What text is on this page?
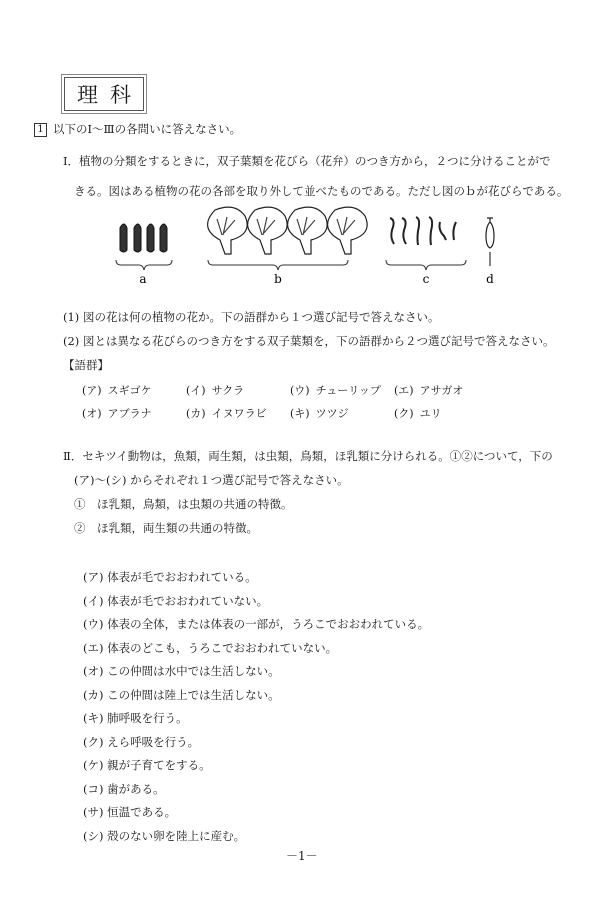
理科
1 以下のⅠ～Ⅲの各問いに答えなさい。
Ⅰ．植物の分類をするときに，双子葉類を花びら（花弁）のつき方から，２つに分けることがで
きる。図はある植物の花の各部を取り外して並べたものである。ただし図のｂが花びらである。
a	b	c	d
(1) 図の花は何の植物の花か。下の語群から１つ選び記号で答えなさい。
(2) 図とは異なる花びらのつき方をする双子葉類を，下の語群から２つ選び記号で答えなさい。
【語群】
(ア) スギゴケ	(イ) サクラ	(ウ) チューリップ	(エ) アサガオ
(オ) アブラナ	(カ) イヌワラビ	(キ) ツツジ	(ク) ユリ
Ⅱ．セキツイ動物は，魚類，両生類，は虫類，鳥類，ほ乳類に分けられる。①②について，下の
(ア)～(シ) からそれぞれ１つ選び記号で答えなさい。
①　ほ乳類，鳥類，は虫類の共通の特徴。
②　ほ乳類，両生類の共通の特徴。
(ア) 体表が毛でおおわれている。
(イ) 体表が毛でおおわれていない。
(ウ) 体表の全体，または体表の一部が，うろこでおおわれている。
(エ) 体表のどこも，うろこでおおわれていない。
(オ) この仲間は水中では生活しない。
(カ) この仲間は陸上では生活しない。
(キ) 肺呼吸を行う。
(ク) えら呼吸を行う。
(ケ) 親が子育てをする。
(コ) 歯がある。
(サ) 恒温である。
(シ) 殻のない卵を陸上に産む。
－1－
